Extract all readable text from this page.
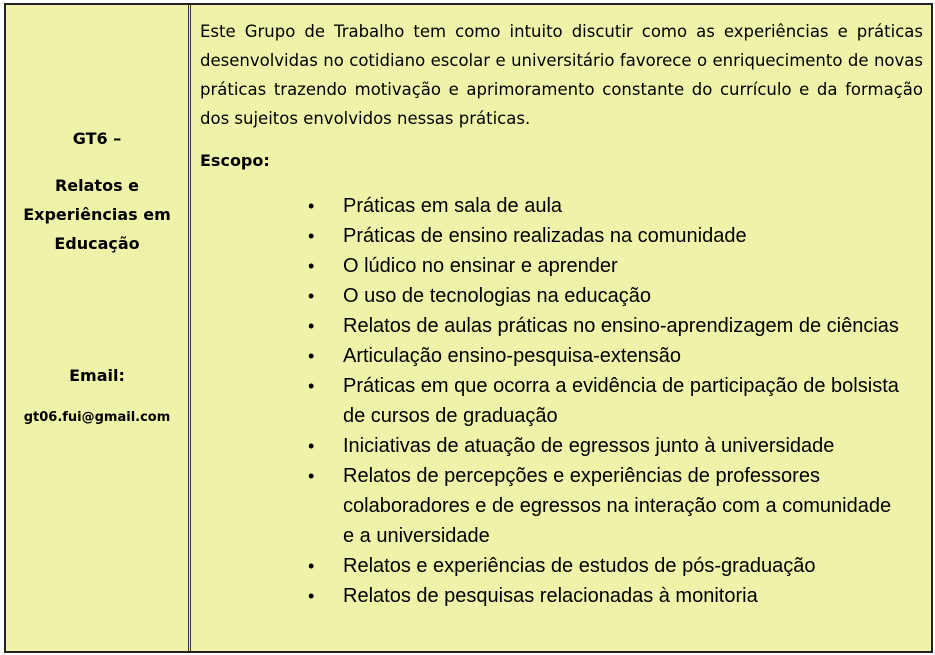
GT6 –
Relatos e Experiências em Educação
Email:
gt06.fui@gmail.com
Este Grupo de Trabalho tem como intuito discutir como as experiências e práticas desenvolvidas no cotidiano escolar e universitário favorece o enriquecimento de novas práticas trazendo motivação e aprimoramento constante do currículo e da formação dos sujeitos envolvidos nessas práticas.
Escopo:
• Práticas em sala de aula
• Práticas de ensino realizadas na comunidade
• O lúdico no ensinar e aprender
• O uso de tecnologias na educação
• Relatos de aulas práticas no ensino-aprendizagem de ciências
• Articulação ensino-pesquisa-extensão
• Práticas em que ocorra a evidência de participação de bolsista de cursos de graduação
• Iniciativas de atuação de egressos junto à universidade
• Relatos de percepções e experiências de professores colaboradores e de egressos na interação com a comunidade e a universidade
• Relatos e experiências de estudos de pós-graduação
• Relatos de pesquisas relacionadas à monitoria
